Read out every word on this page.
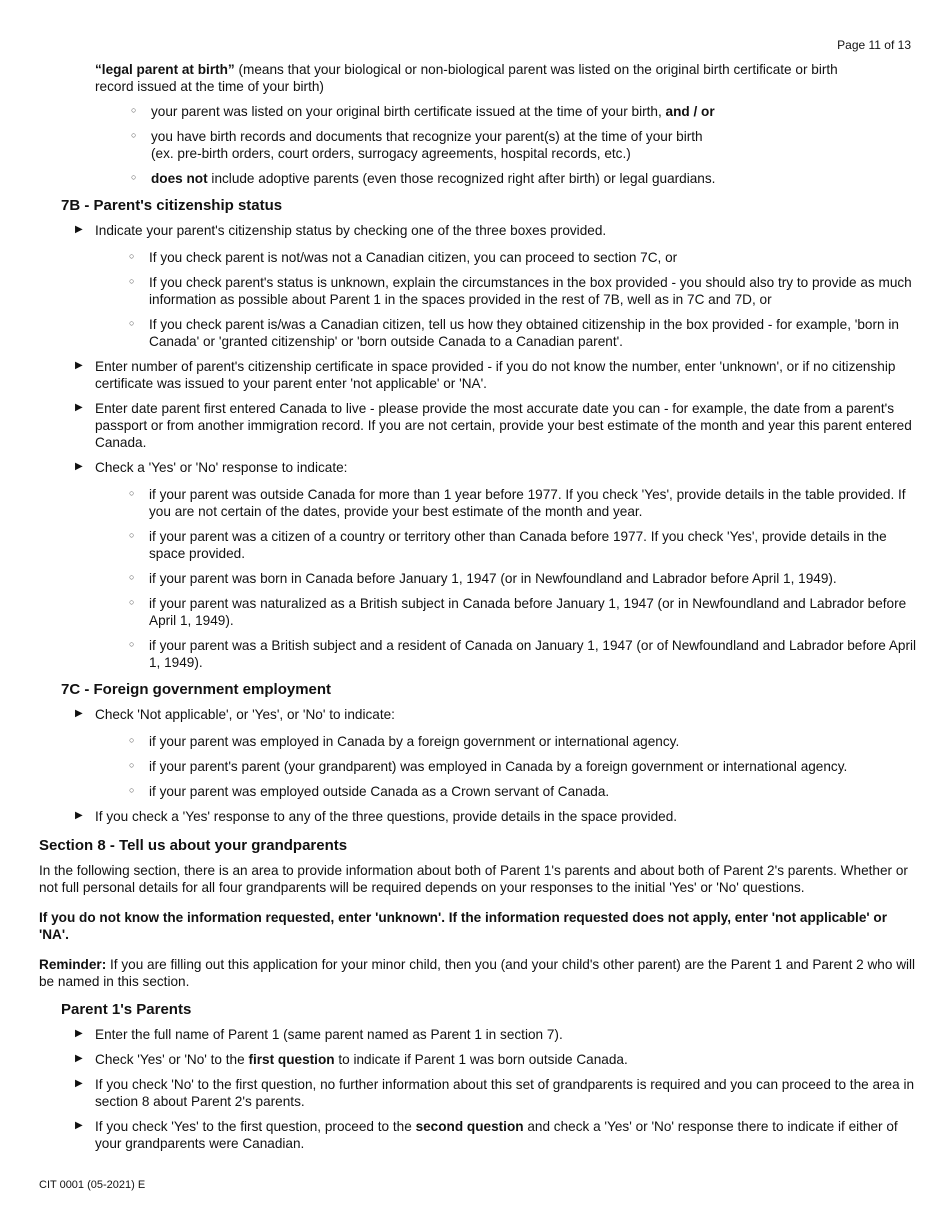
Page 11 of 13

“legal parent at birth” (means that your biological or non-biological parent was listed on the original birth certificate or birth record issued at the time of your birth)

○ your parent was listed on your original birth certificate issued at the time of your birth, and / or
○ you have birth records and documents that recognize your parent(s) at the time of your birth
(ex. pre-birth orders, court orders, surrogacy agreements, hospital records, etc.)
○ does not include adoptive parents (even those recognized right after birth) or legal guardians.
7B - Parent's citizenship status
▶ Indicate your parent's citizenship status by checking one of the three boxes provided.
○ If you check parent is not/was not a Canadian citizen, you can proceed to section 7C, or
○ If you check parent's status is unknown, explain the circumstances in the box provided - you should also try to provide as much information as possible about Parent 1 in the spaces provided in the rest of 7B, well as in 7C and 7D, or
○ If you check parent is/was a Canadian citizen, tell us how they obtained citizenship in the box provided - for example, 'born in Canada' or 'granted citizenship' or 'born outside Canada to a Canadian parent'.
▶ Enter number of parent's citizenship certificate in space provided - if you do not know the number, enter 'unknown', or if no citizenship certificate was issued to your parent enter 'not applicable' or 'NA'.
▶ Enter date parent first entered Canada to live - please provide the most accurate date you can - for example, the date from a parent's passport or from another immigration record. If you are not certain, provide your best estimate of the month and year this parent entered Canada.
▶ Check a 'Yes' or 'No' response to indicate:
○ if your parent was outside Canada for more than 1 year before 1977. If you check 'Yes', provide details in the table provided. If you are not certain of the dates, provide your best estimate of the month and year.
○ if your parent was a citizen of a country or territory other than Canada before 1977. If you check 'Yes', provide details in the space provided.
○ if your parent was born in Canada before January 1, 1947 (or in Newfoundland and Labrador before April 1, 1949).
○ if your parent was naturalized as a British subject in Canada before January 1, 1947 (or in Newfoundland and Labrador before April 1, 1949).
○ if your parent was a British subject and a resident of Canada on January 1, 1947 (or of Newfoundland and Labrador before April 1, 1949).
7C - Foreign government employment
▶ Check 'Not applicable', or 'Yes', or 'No' to indicate:
○ if your parent was employed in Canada by a foreign government or international agency.
○ if your parent's parent (your grandparent) was employed in Canada by a foreign government or international agency.
○ if your parent was employed outside Canada as a Crown servant of Canada.
▶ If you check a 'Yes' response to any of the three questions, provide details in the space provided.
Section 8 - Tell us about your grandparents

In the following section, there is an area to provide information about both of Parent 1's parents and about both of Parent 2's parents. Whether or not full personal details for all four grandparents will be required depends on your responses to the initial 'Yes' or 'No' questions.

If you do not know the information requested, enter 'unknown'. If the information requested does not apply, enter 'not applicable' or 'NA'.

Reminder: If you are filling out this application for your minor child, then you (and your child's other parent) are the Parent 1 and Parent 2 who will be named in this section.

Parent 1's Parents
▶ Enter the full name of Parent 1 (same parent named as Parent 1 in section 7).
▶ Check 'Yes' or 'No' to the first question to indicate if Parent 1 was born outside Canada.
▶ If you check 'No' to the first question, no further information about this set of grandparents is required and you can proceed to the area in section 8 about Parent 2's parents.
▶ If you check 'Yes' to the first question, proceed to the second question and check a 'Yes' or 'No' response there to indicate if either of your grandparents were Canadian.
CIT 0001 (05-2021) E
